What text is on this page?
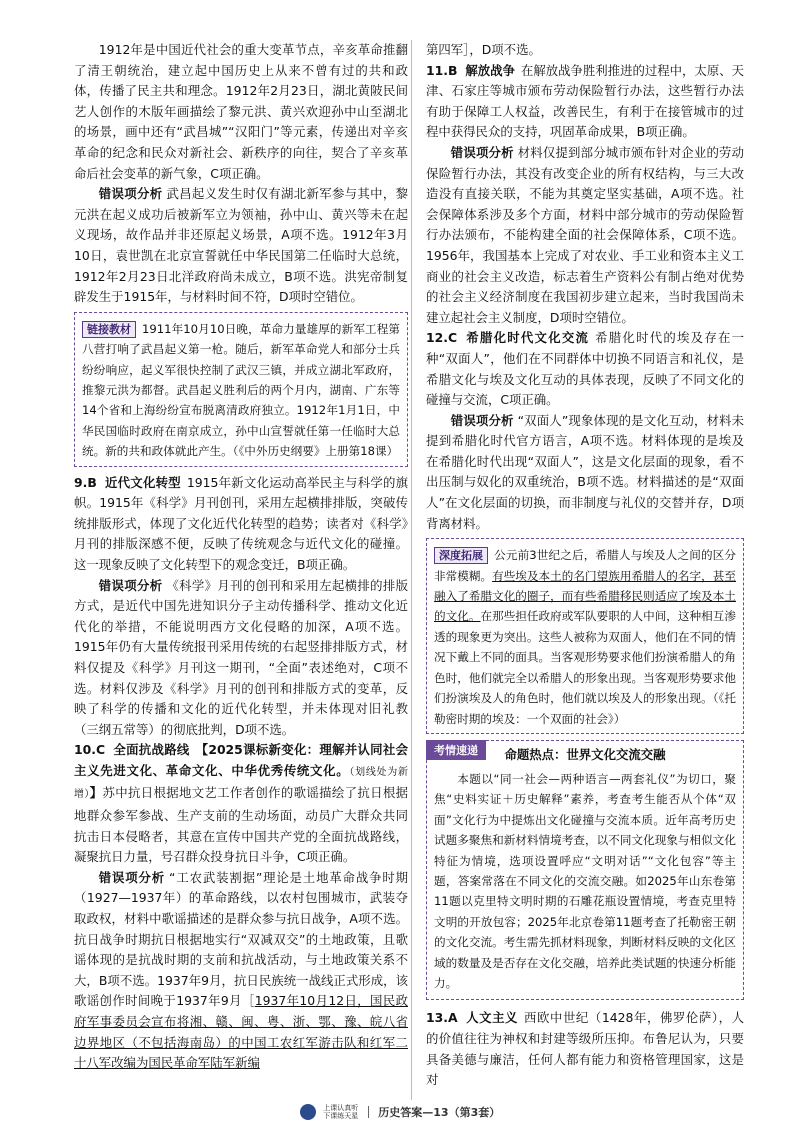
1912年是中国近代社会的重大变革节点，辛亥革命推翻了清王朝统治，建立起中国历史上从来不曾有过的共和政体，传播了民主共和理念。1912年2月23日，湖北黄陂民间艺人创作的木版年画描绘了黎元洪、黄兴欢迎孙中山至湖北的场景，画中还有“武昌城”“汉阳门”等元素，传递出对辛亥革命的纪念和民众对新社会、新秩序的向往，契合了辛亥革命后社会变革的新气象，C项正确。

错误项分析 武昌起义发生时仅有湖北新军参与其中，黎元洪在起义成功后被新军立为领袖，孙中山、黄兴等未在起义现场，故作品并非还原起义场景，A项不选。1912年3月10日，袁世凯在北京宣誓就任中华民国第二任临时大总统，1912年2月23日北洋政府尚未成立，B项不选。洪宪帝制复辟发生于1915年，与材料时间不符，D项时空错位。

链接教材 1911年10月10日晚，革命力量雄厚的新军工程第八营打响了武昌起义第一枪。随后，新军革命党人和部分士兵纷纷响应，起义军很快控制了武汉三镇，并成立湖北军政府，推黎元洪为都督。武昌起义胜利后的两个月内，湖南、广东等14个省和上海纷纷宣布脱离清政府独立。1912年1月1日，中华民国临时政府在南京成立，孙中山宣誓就任第一任临时大总统。新的共和政体就此产生。（《中外历史纲要》上册第18课）

9.B 近代文化转型 1915年新文化运动高举民主与科学的旗帜。1915年《科学》月刊创刊，采用左起横排排版，突破传统排版形式，体现了文化近代化转型的趋势；读者对《科学》月刊的排版深感不便，反映了传统观念与近代文化的碰撞。这一现象反映了文化转型下的观念变迁，B项正确。

错误项分析 《科学》月刊的创刊和采用左起横排的排版方式，是近代中国先进知识分子主动传播科学、推动文化近代化的举措，不能说明西方文化侵略的加深，A项不选。1915年仍有大量传统报刊采用传统的右起竖排排版方式，材料仅提及《科学》月刊这一期刊，“全面”表述绝对，C项不选。材料仅涉及《科学》月刊的创刊和排版方式的变革，反映了科学的传播和文化的近代化转型，并未体现对旧礼教（三纲五常等）的彻底批判，D项不选。

10.C 全面抗战路线 【2025课标新变化：理解并认同社会主义先进文化、革命文化、中华优秀传统文化。（划线处为新增）】苏中抗日根据地文艺工作者创作的歌谣描绘了抗日根据地群众参军参战、生产支前的生动场面，动员广大群众共同抗击日本侵略者，其意在宣传中国共产党的全面抗战路线，凝聚抗日力量，号召群众投身抗日斗争，C项正确。

错误项分析 “工农武装割据”理论是土地革命战争时期（1927—1937年）的革命路线，以农村包围城市，武装夺取政权，材料中歌谣描述的是群众参与抗日战争，A项不选。抗日战争时期抗日根据地实行“双减双交”的土地政策，且歌谣体现的是抗战时期的支前和抗战活动，与土地政策关系不大，B项不选。1937年9月，抗日民族统一战线正式形成，该歌谣创作时间晚于1937年9月［1937年10月12日，国民政府军事委员会宣布将湘、赣、闽、粤、浙、鄂、豫、皖八省边界地区（不包括海南岛）的中国工农红军游击队和红军二十八军改编为国民革命军陆军新编

第四军］，D项不选。

11.B 解放战争 在解放战争胜利推进的过程中，太原、天津、石家庄等城市颁布劳动保险暂行办法，这些暂行办法有助于保障工人权益，改善民生，有利于在接管城市的过程中获得民众的支持，巩固革命成果，B项正确。

错误项分析 材料仅提到部分城市颁布针对企业的劳动保险暂行办法，其没有改变企业的所有权结构，与三大改造没有直接关联，不能为其奠定坚实基础，A项不选。社会保障体系涉及多个方面，材料中部分城市的劳动保险暂行办法颁布，不能构建全面的社会保障体系，C项不选。1956年，我国基本上完成了对农业、手工业和资本主义工商业的社会主义改造，标志着生产资料公有制占绝对优势的社会主义经济制度在我国初步建立起来，当时我国尚未建立起社会主义制度，D项时空错位。

12.C 希腊化时代文化交流 希腊化时代的埃及存在一种“双面人”，他们在不同群体中切换不同语言和礼仪，是希腊文化与埃及文化互动的具体表现，反映了不同文化的碰撞与交流，C项正确。

错误项分析 “双面人”现象体现的是文化互动，材料未提到希腊化时代官方语言，A项不选。材料体现的是埃及在希腊化时代出现“双面人”，这是文化层面的现象，看不出压制与奴化的双重统治，B项不选。材料描述的是“双面人”在文化层面的切换，而非制度与礼仪的交替并存，D项背离材料。

深度拓展 公元前3世纪之后，希腊人与埃及人之间的区分非常模糊。有些埃及本土的名门望族用希腊人的名字，甚至融入了希腊文化的圈子，而有些希腊移民则适应了埃及本土的文化。在那些担任政府或军队要职的人中间，这种相互渗透的现象更为突出。这些人被称为双面人，他们在不同的情况下戴上不同的面具。当客观形势要求他们扮演希腊人的角色时，他们就完全以希腊人的形象出现。当客观形势要求他们扮演埃及人的角色时，他们就以埃及人的形象出现。（《托勒密时期的埃及：一个双面的社会》）

考情速递	命题热点：世界文化交流交融

本题以“同一社会—两种语言—两套礼仪”为切口，聚焦“史料实证＋历史解释”素养，考查考生能否从个体“双面”文化行为中提炼出文化碰撞与交流本质。近年高考历史试题多聚焦和新材料情境考查，以不同文化现象与相似文化特征为情境，选项设置呼应“文明对话”“文化包容”等主题，答案常落在不同文化的交流交融。如2025年山东卷第11题以克里特文明时期的石雕花瓶设置情境，考查克里特文明的开放包容；2025年北京卷第11题考查了托勒密王朝的文化交流。考生需先抓材料现象，判断材料反映的文化区域的数量及是否存在文化交融，培养此类试题的快速分析能力。

13.A 人文主义 西欧中世纪（1428年，佛罗伦萨），人的价值往往为神权和封建等级所压抑。布鲁尼认为，只要具备美德与廉洁，任何人都有能力和资格管理国家，这是对

上课认真听
下课练天星 历史答案—13（第3套）
